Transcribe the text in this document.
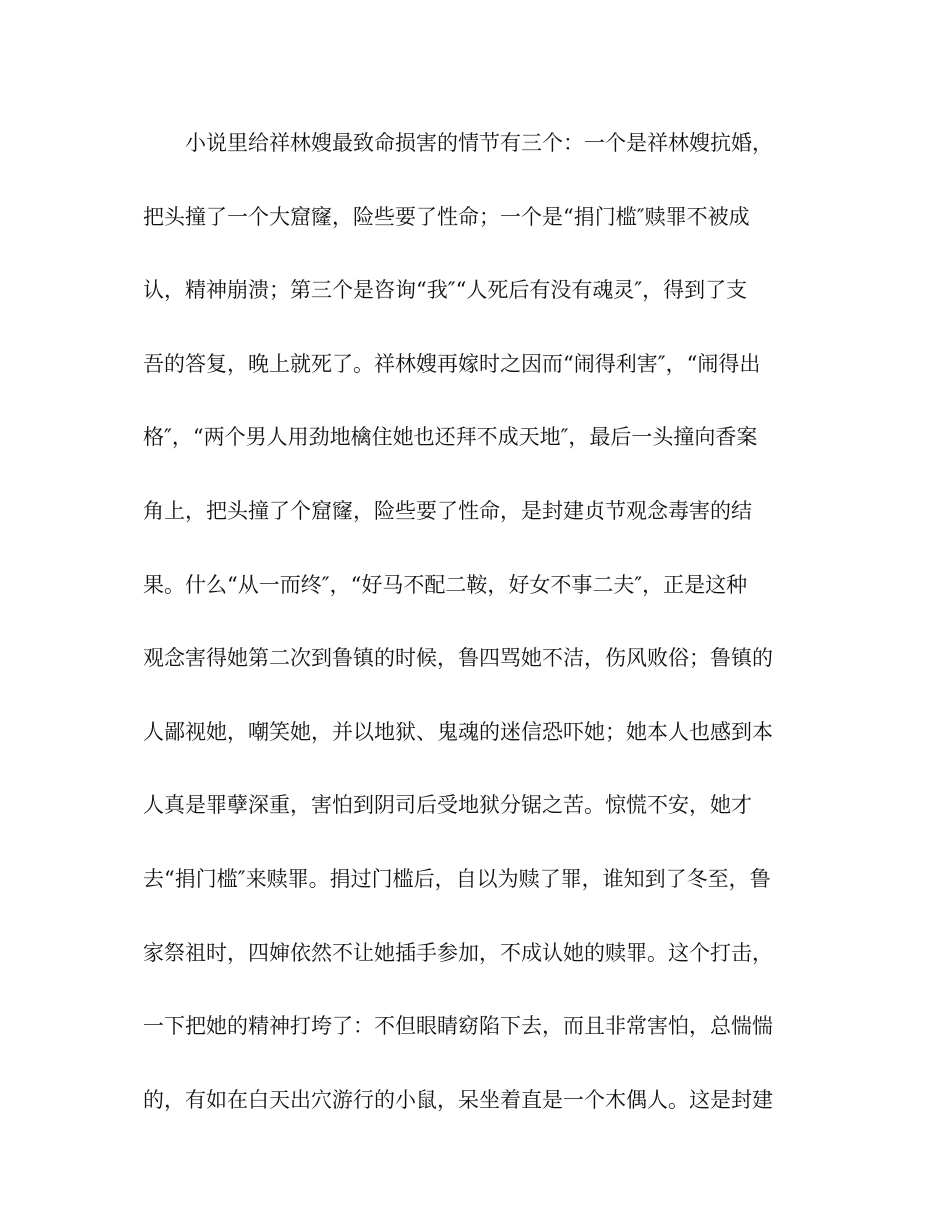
小说里给祥林嫂最致命损害的情节有三个：一个是祥林嫂抗婚，
把头撞了一个大窟窿，险些要了性命；一个是“捐门槛″赎罪不被成
认，精神崩溃；第三个是咨询“我″“人死后有没有魂灵″，得到了支
吾的答复，晚上就死了。祥林嫂再嫁时之因而“闹得利害″，“闹得出
格″，“两个男人用劲地檎住她也还拜不成天地″，最后一头撞向香案
角上，把头撞了个窟窿，险些要了性命，是封建贞节观念毒害的结
果。什么“从一而终″，“好马不配二鞍，好女不事二夫″，正是这种
观念害得她第二次到鲁镇的时候，鲁四骂她不洁，伤风败俗；鲁镇的
人鄙视她，嘲笑她，并以地狱、鬼魂的迷信恐吓她；她本人也感到本
人真是罪孽深重，害怕到阴司后受地狱分锯之苦。惊慌不安，她才
去“捐门槛″来赎罪。捐过门槛后，自以为赎了罪，谁知到了冬至，鲁
家祭祖时，四婶依然不让她插手参加，不成认她的赎罪。这个打击，
一下把她的精神打垮了：不但眼睛窈陷下去，而且非常害怕，总惴惴
的，有如在白天出穴游行的小鼠，呆坐着直是一个木偶人。这是封建
